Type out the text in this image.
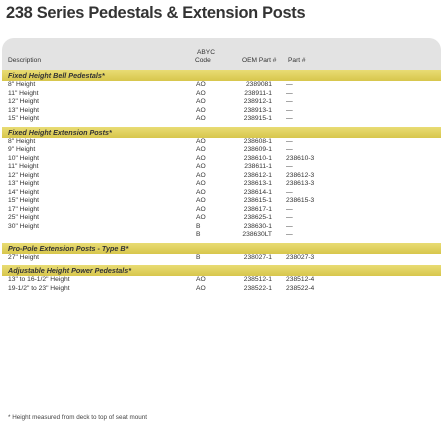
238 Series Pedestals & Extension Posts
Description
ABYC
Code	OEM Part # Part #
Fixed Height Bell Pedestals*
8" Height	AO	2389081 —
11" Height	AO	238911-1 —
12" Height	AO	238912-1 —
13" Height	AO	238913-1 —
15" Height	AO	238915-1 —
Fixed Height Extension Posts*
8" Height	AO	238608-1 —
9" Height	AO	238609-1 —
10" Height	AO	238610-1 238610-3
11" Height	AO	238611-1 —
12" Height	AO	238612-1 238612-3
13" Height	AO	238613-1 238613-3
14" Height	AO	238614-1 —
15" Height	AO	238615-1 238615-3
17" Height	AO	238617-1 —
25" Height	AO	238625-1 —
30" Height	B	238630-1 —
B	238630LT —
Pro-Pole Extension Posts - Type B*
27" Height	B	238027-1 238027-3
Adjustable Height Power Pedestals*
13" to 16-1/2" Height	AO	238512-1 238512-4
19-1/2" to 23" Height	AO	238522-1 238522-4
* Height measured from deck to top of seat mount
